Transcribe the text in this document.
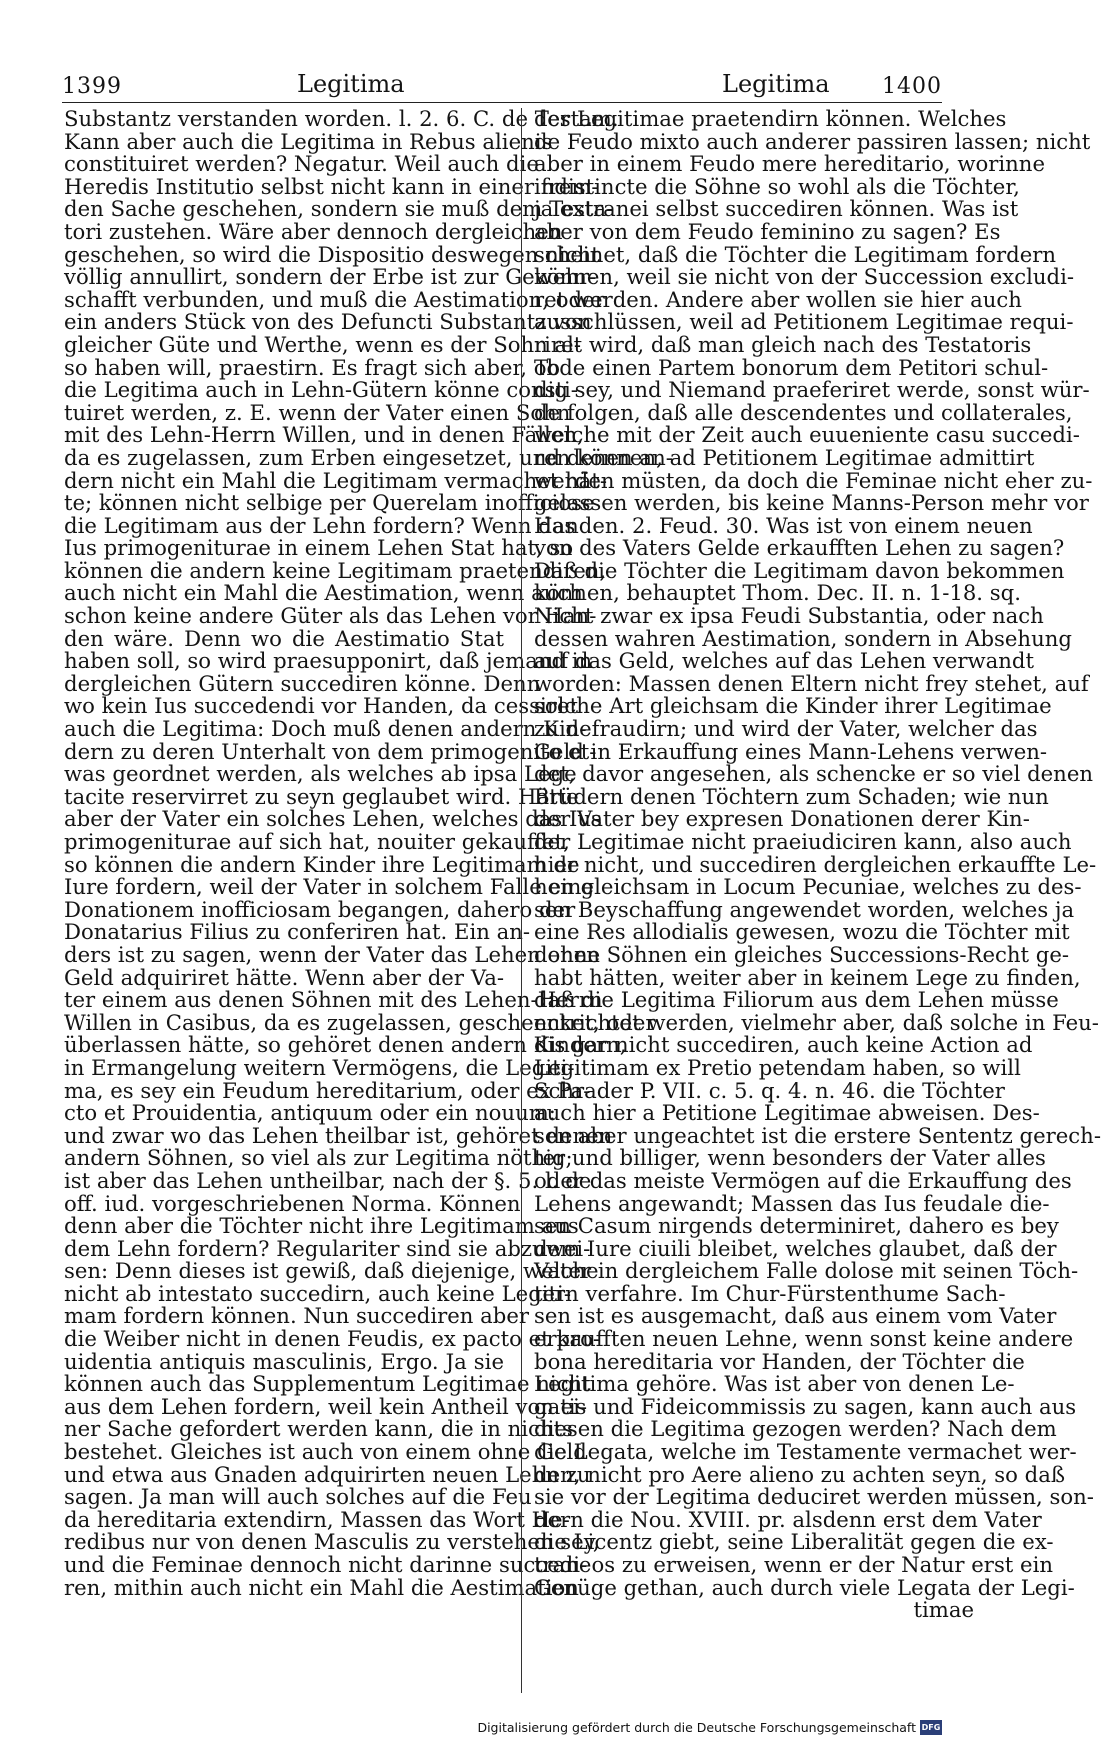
1399	Legitima	Legitima 1400
Substantz verstanden worden. l. 2. 6. C. de Testam.
Kann aber auch die Legitima in Rebus alienis
constituiret werden? Negatur. Weil auch die
Heredis Institutio selbst nicht kann in einer frem-
den Sache geschehen, sondern sie muß dem Testa-
tori zustehen. Wäre aber dennoch dergleichen
geschehen, so wird die Dispositio deswegen nicht
völlig annullirt, sondern der Erbe ist zur Gewehr-
schafft verbunden, und muß die Aestimation, oder
ein anders Stück von des Defuncti Substantz von
gleicher Güte und Werthe, wenn es der Sohn al-
so haben will, praestirn. Es fragt sich aber, ob
die Legitima auch in Lehn-Gütern könne consti-
tuiret werden, z. E. wenn der Vater einen Sohn
mit des Lehn-Herrn Willen, und in denen Fällen,
da es zugelassen, zum Erben eingesetzet, und denen an-
dern nicht ein Mahl die Legitimam vermachet hät-
te; können nicht selbige per Querelam inofficiose
die Legitimam aus der Lehn fordern? Wenn das
Ius primogeniturae in einem Lehen Stat hat, so
können die andern keine Legitimam praetendiren,
auch nicht ein Mahl die Aestimation, wenn auch
schon keine andere Güter als das Lehen vor Han-
den wäre. Denn wo die Aestimatio Stat
haben soll, so wird praesupponirt, daß jemand in
dergleichen Gütern succediren könne. Denn
wo kein Ius succedendi vor Handen, da cessiret
auch die Legitima: Doch muß denen andern Kin-
dern zu deren Unterhalt von dem primogenito et-
was geordnet werden, als welches ab ipsa Lege
tacite reservirret zu seyn geglaubet wird. Hätte
aber der Vater ein solches Lehen, welches das Ius
primogeniturae auf sich hat, nouiter gekauffet,
so können die andern Kinder ihre Legitimam de
Iure fordern, weil der Vater in solchem Falle eine
Donationem inofficiosam begangen, dahero der
Donatarius Filius zu conferiren hat. Ein an-
ders ist zu sagen, wenn der Vater das Lehen ohne
Geld adquiriret hätte. Wenn aber der Va-
ter einem aus denen Söhnen mit des Lehen-Herrn
Willen in Casibus, da es zugelassen, geschencket, oder
überlassen hätte, so gehöret denen andern Kindern,
in Ermangelung weitern Vermögens, die Legiti-
ma, es sey ein Feudum hereditarium, oder ex Pa-
cto et Prouidentia, antiquum oder ein nouum:
und zwar wo das Lehen theilbar ist, gehöret denen
andern Söhnen, so viel als zur Legitima nöthig;
ist aber das Lehen untheilbar, nach der §. 5. l. de
off. iud. vorgeschriebenen Norma. Können
denn aber die Töchter nicht ihre Legitimam aus
dem Lehn fordern? Regulariter sind sie abzuwei-
sen: Denn dieses ist gewiß, daß diejenige, welche
nicht ab intestato succedirn, auch keine Legiti-
mam fordern können. Nun succediren aber
die Weiber nicht in denen Feudis, ex pacto et pro-
uidentia antiquis masculinis, Ergo. Ja sie
können auch das Supplementum Legitimae nicht
aus dem Lehen fordern, weil kein Antheil von ei-
ner Sache gefordert werden kann, die in nichts
bestehet. Gleiches ist auch von einem ohne Geld
und etwa aus Gnaden adquirirten neuen Lehn zu
sagen. Ja man will auch solches auf die Feu
da hereditaria extendirn, Massen das Wort He-
redibus nur von denen Masculis zu verstehen sey,
und die Feminae dennoch nicht darinne succedi-
ren, mithin auch nicht ein Mahl die Aestimation
der Legitimae praetendirn können. Welches
de Feudo mixto auch anderer passiren lassen; nicht
aber in einem Feudo mere hereditario, worinne
indistincte die Söhne so wohl als die Töchter,
ja extranei selbst succediren können. Was ist
aber von dem Feudo feminino zu sagen? Es
scheinet, daß die Töchter die Legitimam fordern
können, weil sie nicht von der Succession excludi-
ret werden. Andere aber wollen sie hier auch
ausschlüssen, weil ad Petitionem Legitimae requi-
riret wird, daß man gleich nach des Testatoris
Tode einen Partem bonorum dem Petitori schul-
dig sey, und Niemand praeferiret werde, sonst wür-
de folgen, daß alle descendentes und collaterales,
welche mit der Zeit auch euueniente casu succedi-
ren können, ad Petitionem Legitimae admittirt
werden müsten, da doch die Feminae nicht eher zu-
gelassen werden, bis keine Manns-Person mehr vor
Handen. 2. Feud. 30. Was ist von einem neuen
von des Vaters Gelde erkaufften Lehen zu sagen?
Daß die Töchter die Legitimam davon bekommen
können, behauptet Thom. Dec. II. n. 1-18. sq.
Nicht zwar ex ipsa Feudi Substantia, oder nach
dessen wahren Aestimation, sondern in Absehung
auf das Geld, welches auf das Lehen verwandt
worden: Massen denen Eltern nicht frey stehet, auf
solche Art gleichsam die Kinder ihrer Legitimae
zu defraudirn; und wird der Vater, welcher das
Geld in Erkauffung eines Mann-Lehens verwen-
det, davor angesehen, als schencke er so viel denen
Brüdern denen Töchtern zum Schaden; wie nun
der Vater bey expresen Donationen derer Kin-
der Legitimae nicht praeiudiciren kann, also auch
hier nicht, und succediren dergleichen erkauffte Le-
hen gleichsam in Locum Pecuniae, welches zu des-
sen Beyschaffung angewendet worden, welches ja
eine Res allodialis gewesen, wozu die Töchter mit
denen Söhnen ein gleiches Successions-Recht ge-
habt hätten, weiter aber in keinem Lege zu finden,
daß die Legitima Filiorum aus dem Lehen müsse
entrichtet werden, vielmehr aber, daß solche in Feu-
dis gar nicht succediren, auch keine Action ad
Legitimam ex Pretio petendam haben, so will
Schrader P. VII. c. 5. q. 4. n. 46. die Töchter
auch hier a Petitione Legitimae abweisen. Des-
sen aber ungeachtet ist die erstere Sententz gerech-
ter und billiger, wenn besonders der Vater alles
oder das meiste Vermögen auf die Erkauffung des
Lehens angewandt; Massen das Ius feudale die-
sen Casum nirgends determiniret, dahero es bey
dem Iure ciuili bleibet, welches glaubet, daß der
Vater in dergleichem Falle dolose mit seinen Töch-
tern verfahre. Im Chur-Fürstenthume Sach-
sen ist es ausgemacht, daß aus einem vom Vater
erkaufften neuen Lehne, wenn sonst keine andere
bona hereditaria vor Handen, der Töchter die
Legitima gehöre. Was ist aber von denen Le-
gatis und Fideicommissis zu sagen, kann auch aus
diesen die Legitima gezogen werden? Nach dem
die Legata, welche im Testamente vermachet wer-
den, nicht pro Aere alieno zu achten seyn, so daß
sie vor der Legitima deduciret werden müssen, son-
dern die Nou. XVIII. pr. alsdenn erst dem Vater
die Licentz giebt, seine Liberalität gegen die ex-
traneos zu erweisen, wenn er der Natur erst ein
Genüge gethan, auch durch viele Legata der Legi-
timae
Digitalisierung gefördert durch die Deutsche Forschungsgemeinschaft DFG
